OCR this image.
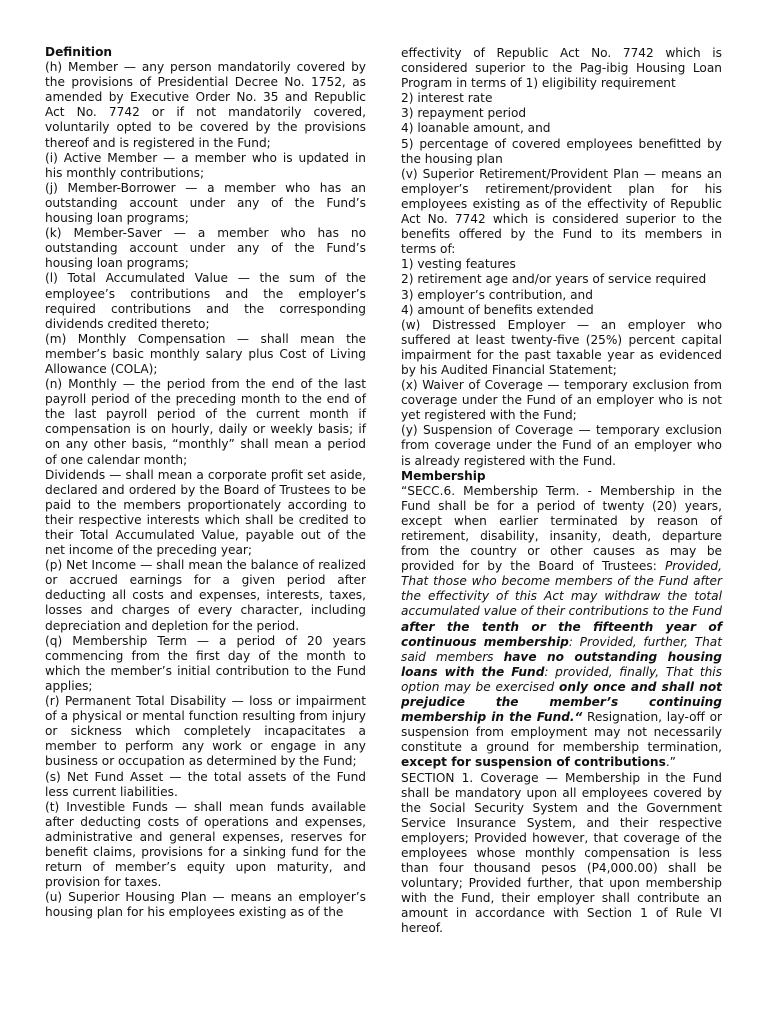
Definition

(h) Member — any person mandatorily covered by the provisions of Presidential Decree No. 1752, as amended by Executive Order No. 35 and Republic Act No. 7742 or if not mandatorily covered, voluntarily opted to be covered by the provisions thereof and is registered in the Fund;

(i) Active Member — a member who is updated in his monthly contributions;

(j) Member-Borrower — a member who has an outstanding account under any of the Fund’s housing loan programs;

(k) Member-Saver — a member who has no outstanding account under any of the Fund’s housing loan programs;

(l) Total Accumulated Value — the sum of the employee’s contributions and the employer’s required contributions and the corresponding dividends credited thereto;

(m) Monthly Compensation — shall mean the member’s basic monthly salary plus Cost of Living Allowance (COLA);

(n) Monthly — the period from the end of the last payroll period of the preceding month to the end of the last payroll period of the current month if compensation is on hourly, daily or weekly basis; if on any other basis, “monthly” shall mean a period of one calendar month;

Dividends — shall mean a corporate profit set aside, declared and ordered by the Board of Trustees to be paid to the members proportionately according to their respective interests which shall be credited to their Total Accumulated Value, payable out of the net income of the preceding year;

(p) Net Income — shall mean the balance of realized or accrued earnings for a given period after deducting all costs and expenses, interests, taxes, losses and charges of every character, including depreciation and depletion for the period.

(q) Membership Term — a period of 20 years commencing from the first day of the month to which the member’s initial contribution to the Fund applies;

(r) Permanent Total Disability — loss or impairment of a physical or mental function resulting from injury or sickness which completely incapacitates a member to perform any work or engage in any business or occupation as determined by the Fund;

(s) Net Fund Asset — the total assets of the Fund less current liabilities.

(t) Investible Funds — shall mean funds available after deducting costs of operations and expenses, administrative and general expenses, reserves for benefit claims, provisions for a sinking fund for the return of member’s equity upon maturity, and provision for taxes.

(u) Superior Housing Plan — means an employer’s housing plan for his employees existing as of the

effectivity of Republic Act No. 7742 which is considered superior to the Pag-ibig Housing Loan Program in terms of 1) eligibility requirement

2) interest rate

3) repayment period

4) loanable amount, and

5) percentage of covered employees benefitted by the housing plan

(v) Superior Retirement/Provident Plan — means an employer’s retirement/provident plan for his employees existing as of the effectivity of Republic Act No. 7742 which is considered superior to the benefits offered by the Fund to its members in terms of:

1) vesting features

2) retirement age and/or years of service required

3) employer’s contribution, and

4) amount of benefits extended

(w) Distressed Employer — an employer who suffered at least twenty-five (25%) percent capital impairment for the past taxable year as evidenced by his Audited Financial Statement;

(x) Waiver of Coverage — temporary exclusion from coverage under the Fund of an employer who is not yet registered with the Fund;

(y) Suspension of Coverage — temporary exclusion from coverage under the Fund of an employer who is already registered with the Fund.

Membership

“SECC.6. Membership Term. - Membership in the Fund shall be for a period of twenty (20) years, except when earlier terminated by reason of retirement, disability, insanity, death, departure from the country or other causes as may be provided for by the Board of Trustees: Provided, That those who become members of the Fund after the effectivity of this Act may withdraw the total accumulated value of their contributions to the Fund after the tenth or the fifteenth year of continuous membership: Provided, further, That said members have no outstanding housing loans with the Fund: provided, finally, That this option may be exercised only once and shall not prejudice the member’s continuing membership in the Fund.“ Resignation, lay-off or suspension from employment may not necessarily constitute a ground for membership termination, except for suspension of contributions.”

SECTION 1. Coverage — Membership in the Fund shall be mandatory upon all employees covered by the Social Security System and the Government Service Insurance System, and their respective employers; Provided however, that coverage of the employees whose monthly compensation is less than four thousand pesos (P4,000.00) shall be voluntary; Provided further, that upon membership with the Fund, their employer shall contribute an amount in accordance with Section 1 of Rule VI hereof.
